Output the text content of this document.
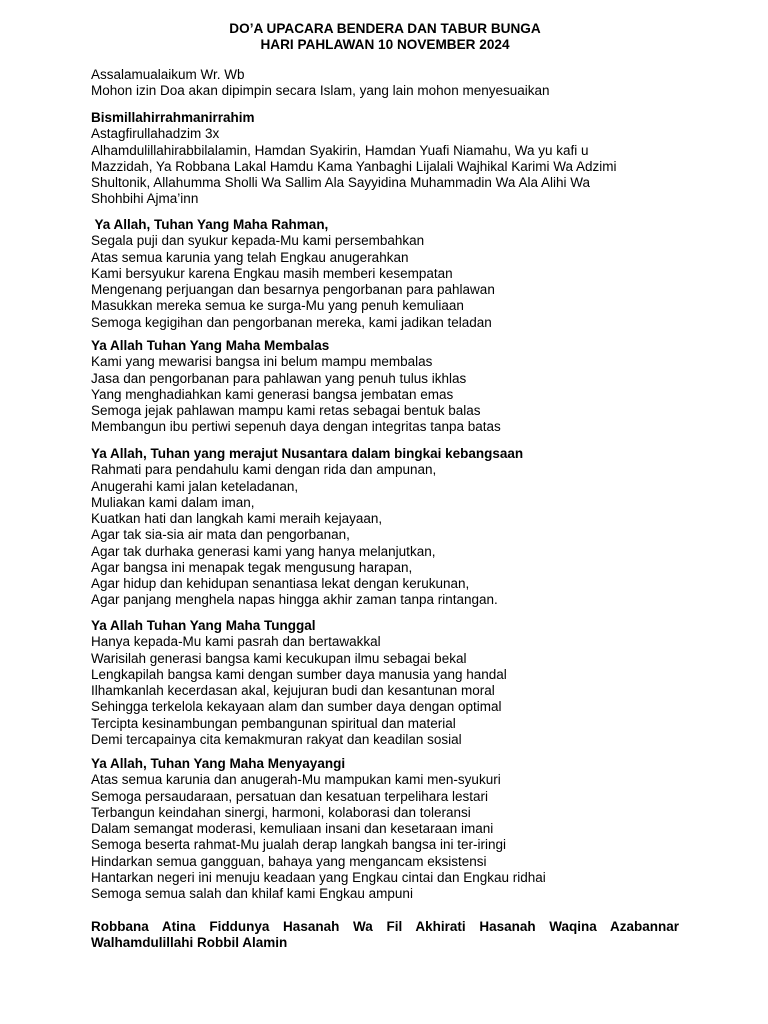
DO’A UPACARA BENDERA DAN TABUR BUNGA

HARI PAHLAWAN 10 NOVEMBER 2024

Assalamualaikum Wr. Wb

Mohon izin Doa akan dipimpin secara Islam, yang lain mohon menyesuaikan

Bismillahirrahmanirrahim

Astagfirullahadzim 3x

Alhamdulillahirabbilalamin, Hamdan Syakirin, Hamdan Yuafi Niamahu, Wa yu kafi u

Mazzidah, Ya Robbana Lakal Hamdu Kama Yanbaghi Lijalali Wajhikal Karimi Wa Adzimi

Shultonik, Allahumma Sholli Wa Sallim Ala Sayyidina Muhammadin Wa Ala Alihi Wa

Shohbihi Ajma’inn

Ya Allah, Tuhan Yang Maha Rahman,

Segala puji dan syukur kepada-Mu kami persembahkan

Atas semua karunia yang telah Engkau anugerahkan

Kami bersyukur karena Engkau masih memberi kesempatan

Mengenang perjuangan dan besarnya pengorbanan para pahlawan

Masukkan mereka semua ke surga-Mu yang penuh kemuliaan

Semoga kegigihan dan pengorbanan mereka, kami jadikan teladan

Ya Allah Tuhan Yang Maha Membalas

Kami yang mewarisi bangsa ini belum mampu membalas

Jasa dan pengorbanan para pahlawan yang penuh tulus ikhlas

Yang menghadiahkan kami generasi bangsa jembatan emas

Semoga jejak pahlawan mampu kami retas sebagai bentuk balas

Membangun ibu pertiwi sepenuh daya dengan integritas tanpa batas

Ya Allah, Tuhan yang merajut Nusantara dalam bingkai kebangsaan

Rahmati para pendahulu kami dengan rida dan ampunan,

Anugerahi kami jalan keteladanan,

Muliakan kami dalam iman,

Kuatkan hati dan langkah kami meraih kejayaan,

Agar tak sia-sia air mata dan pengorbanan,

Agar tak durhaka generasi kami yang hanya melanjutkan,

Agar bangsa ini menapak tegak mengusung harapan,

Agar hidup dan kehidupan senantiasa lekat dengan kerukunan,

Agar panjang menghela napas hingga akhir zaman tanpa rintangan.

Ya Allah Tuhan Yang Maha Tunggal

Hanya kepada-Mu kami pasrah dan bertawakkal

Warisilah generasi bangsa kami kecukupan ilmu sebagai bekal

Lengkapilah bangsa kami dengan sumber daya manusia yang handal

Ilhamkanlah kecerdasan akal, kejujuran budi dan kesantunan moral

Sehingga terkelola kekayaan alam dan sumber daya dengan optimal

Tercipta kesinambungan pembangunan spiritual dan material

Demi tercapainya cita kemakmuran rakyat dan keadilan sosial

Ya Allah, Tuhan Yang Maha Menyayangi

Atas semua karunia dan anugerah-Mu mampukan kami men-syukuri

Semoga persaudaraan, persatuan dan kesatuan terpelihara lestari

Terbangun keindahan sinergi, harmoni, kolaborasi dan toleransi

Dalam semangat moderasi, kemuliaan insani dan kesetaraan imani

Semoga beserta rahmat-Mu jualah derap langkah bangsa ini ter-iringi

Hindarkan semua gangguan, bahaya yang mengancam eksistensi

Hantarkan negeri ini menuju keadaan yang Engkau cintai dan Engkau ridhai

Semoga semua salah dan khilaf kami Engkau ampuni

Robbana Atina Fiddunya Hasanah Wa Fil Akhirati Hasanah Waqina Azabannar

Walhamdulillahi Robbil Alamin
